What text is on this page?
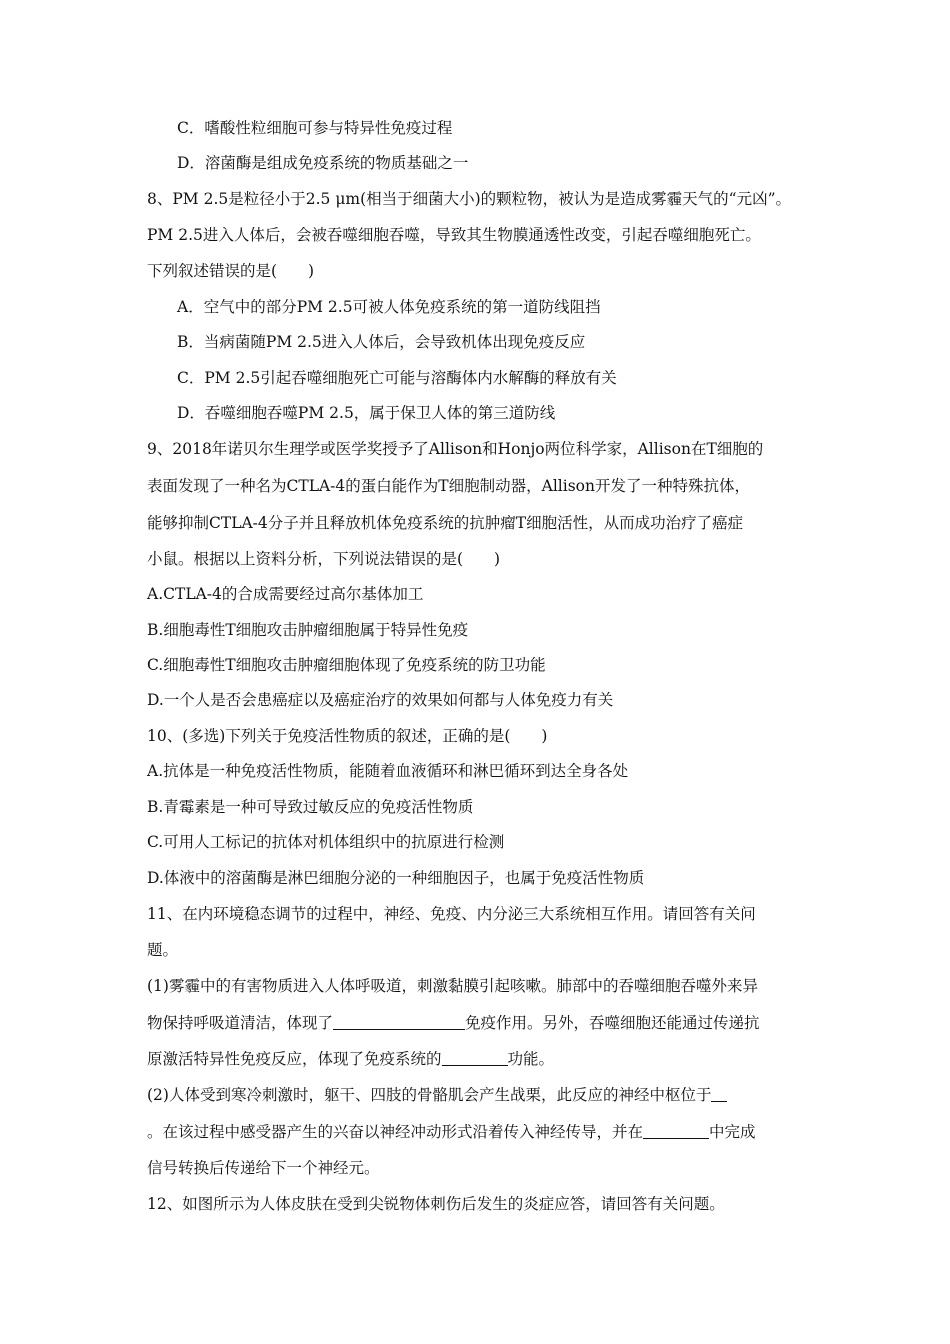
C．嗜酸性粒细胞可参与特异性免疫过程
D．溶菌酶是组成免疫系统的物质基础之一
8、PM 2.5是粒径小于2.5 μm(相当于细菌大小)的颗粒物，被认为是造成雾霾天气的“元凶”。
PM 2.5进入人体后，会被吞噬细胞吞噬，导致其生物膜通透性改变，引起吞噬细胞死亡。
下列叙述错误的是(　　)
A．空气中的部分PM 2.5可被人体免疫系统的第一道防线阻挡
B．当病菌随PM 2.5进入人体后，会导致机体出现免疫反应
C．PM 2.5引起吞噬细胞死亡可能与溶酶体内水解酶的释放有关
D．吞噬细胞吞噬PM 2.5，属于保卫人体的第三道防线
9、2018年诺贝尔生理学或医学奖授予了Allison和Honjo两位科学家，Allison在T细胞的
表面发现了一种名为CTLA-4的蛋白能作为T细胞制动器，Allison开发了一种特殊抗体，
能够抑制CTLA-4分子并且释放机体免疫系统的抗肿瘤T细胞活性，从而成功治疗了癌症
小鼠。根据以上资料分析，下列说法错误的是(　　)
A.CTLA-4的合成需要经过高尔基体加工
B.细胞毒性T细胞攻击肿瘤细胞属于特异性免疫
C.细胞毒性T细胞攻击肿瘤细胞体现了免疫系统的防卫功能
D.一个人是否会患癌症以及癌症治疗的效果如何都与人体免疫力有关
10、(多选)下列关于免疫活性物质的叙述，正确的是(　　)
A.抗体是一种免疫活性物质，能随着血液循环和淋巴循环到达全身各处
B.青霉素是一种可导致过敏反应的免疫活性物质
C.可用人工标记的抗体对机体组织中的抗原进行检测
D.体液中的溶菌酶是淋巴细胞分泌的一种细胞因子，也属于免疫活性物质
11、在内环境稳态调节的过程中，神经、免疫、内分泌三大系统相互作用。请回答有关问
题。
(1)雾霾中的有害物质进入人体呼吸道，刺激黏膜引起咳嗽。肺部中的吞噬细胞吞噬外来异
物保持呼吸道清洁，体现了	免疫作用。另外，吞噬细胞还能通过传递抗
原激活特异性免疫反应，体现了免疫系统的	功能。
(2)人体受到寒冷刺激时，躯干、四肢的骨骼肌会产生战栗，此反应的神经中枢位于
。在该过程中感受器产生的兴奋以神经冲动形式沿着传入神经传导，并在	中完成
信号转换后传递给下一个神经元。
12、如图所示为人体皮肤在受到尖锐物体刺伤后发生的炎症应答，请回答有关问题。
